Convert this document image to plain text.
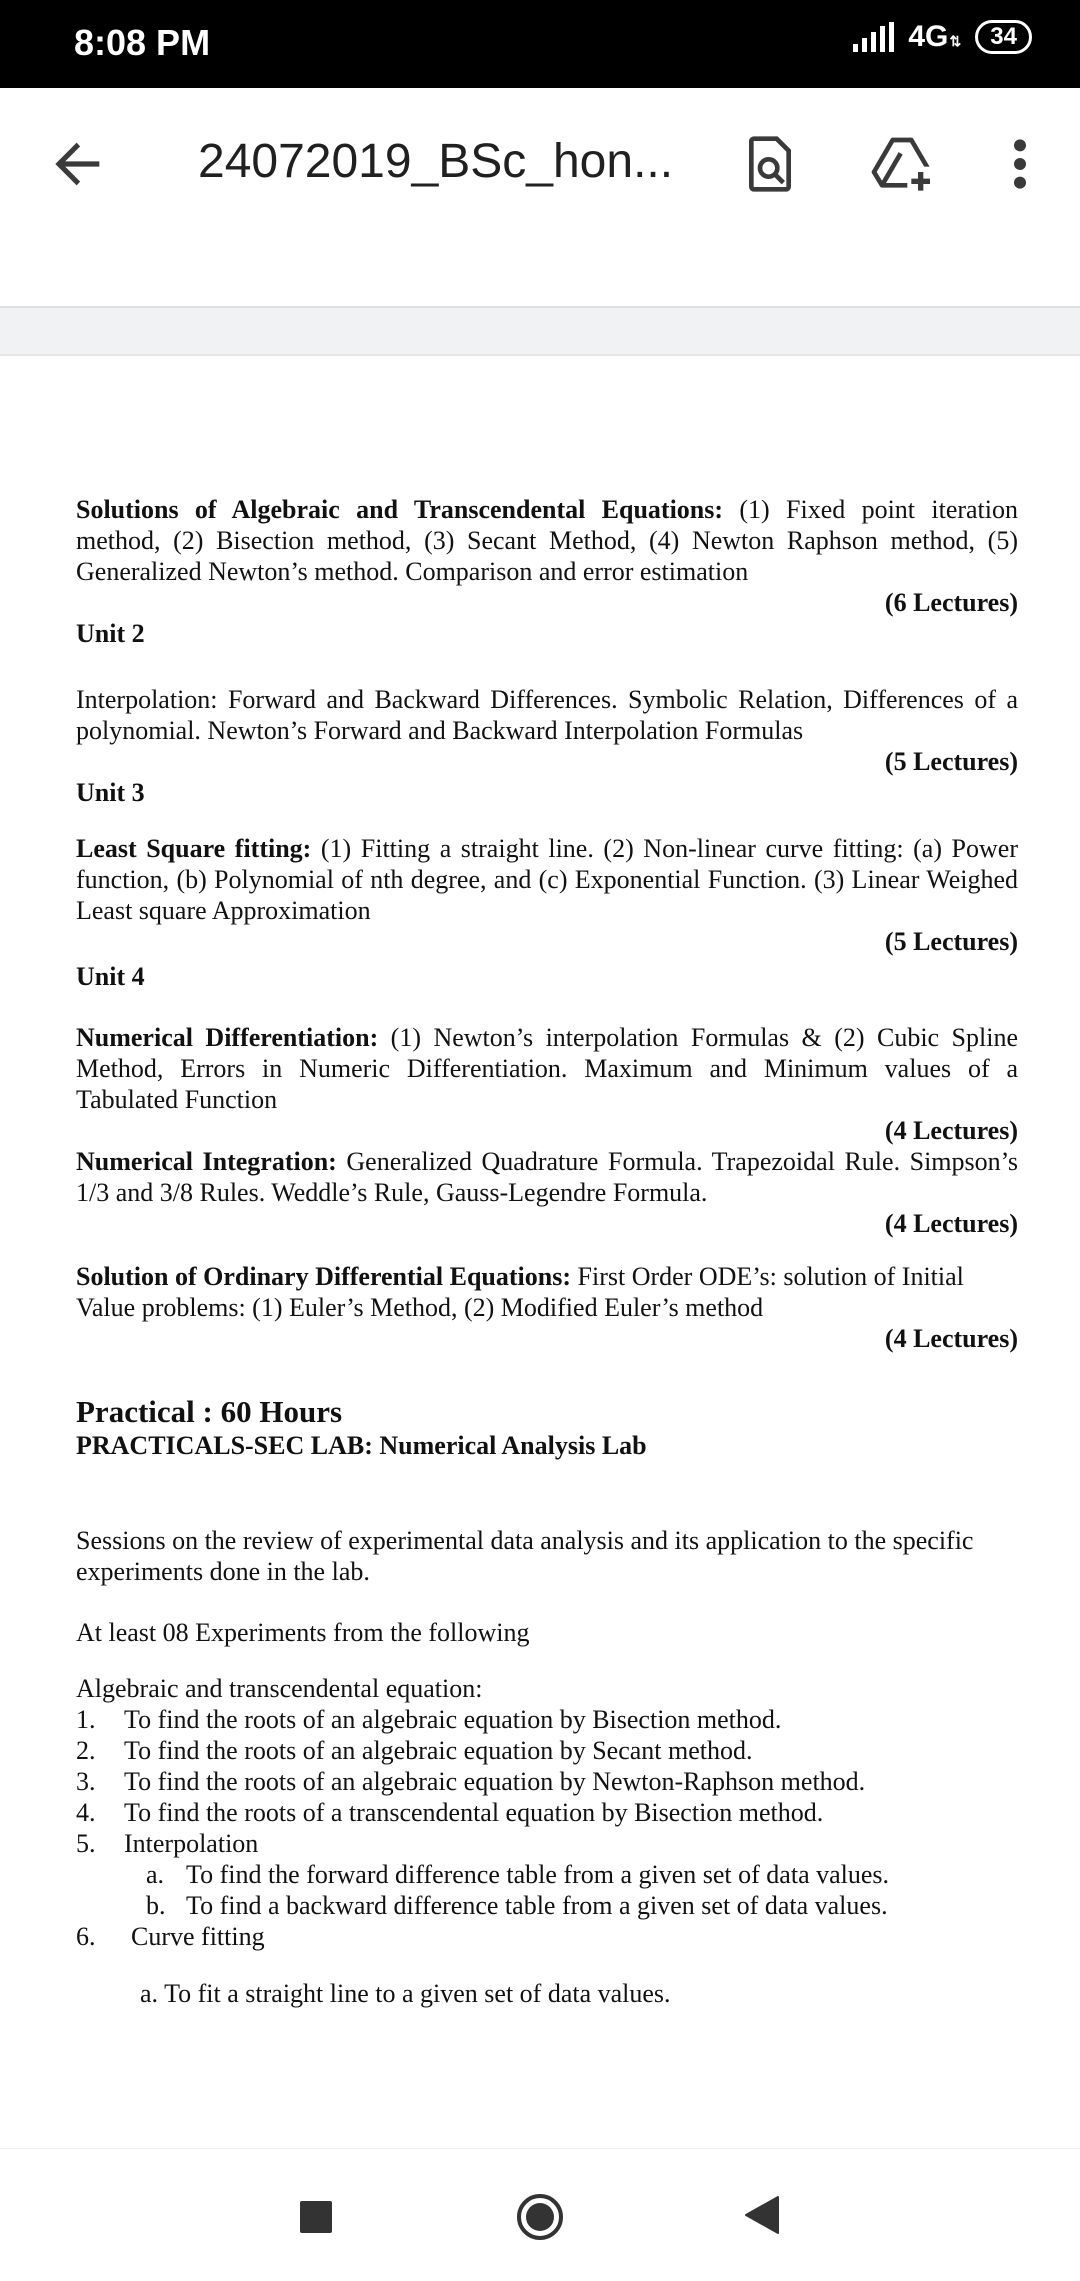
8:08 PM	4G ⇅	34
24072019_BSc_hon...

Solutions of Algebraic and Transcendental Equations: (1) Fixed point iteration method, (2) Bisection method, (3) Secant Method, (4) Newton Raphson method, (5) Generalized Newton’s method. Comparison and error estimation

(6 Lectures)

Unit 2

Interpolation: Forward and Backward Differences. Symbolic Relation, Differences of a polynomial. Newton’s Forward and Backward Interpolation Formulas

(5 Lectures)

Unit 3

Least Square fitting: (1) Fitting a straight line. (2) Non-linear curve fitting: (a) Power function, (b) Polynomial of nth degree, and (c) Exponential Function. (3) Linear Weighed Least square Approximation

(5 Lectures)

Unit 4

Numerical Differentiation: (1) Newton’s interpolation Formulas & (2) Cubic Spline Method, Errors in Numeric Differentiation. Maximum and Minimum values of a Tabulated Function

(4 Lectures)

Numerical Integration: Generalized Quadrature Formula. Trapezoidal Rule. Simpson’s 1/3 and 3/8 Rules. Weddle’s Rule, Gauss-Legendre Formula.

(4 Lectures)

Solution of Ordinary Differential Equations: First Order ODE’s: solution of Initial Value problems: (1) Euler’s Method, (2) Modified Euler’s method

(4 Lectures)

Practical : 60 Hours

PRACTICALS-SEC LAB: Numerical Analysis Lab

Sessions on the review of experimental data analysis and its application to the specific experiments done in the lab.

At least 08 Experiments from the following

Algebraic and transcendental equation:

1.	To find the roots of an algebraic equation by Bisection method.
2.	To find the roots of an algebraic equation by Secant method.
3.	To find the roots of an algebraic equation by Newton-Raphson method.
4.	To find the roots of a transcendental equation by Bisection method.
5.	Interpolation
a. To find the forward difference table from a given set of data values.
b. To find a backward difference table from a given set of data values.
6.	Curve fitting

a. To fit a straight line to a given set of data values.
